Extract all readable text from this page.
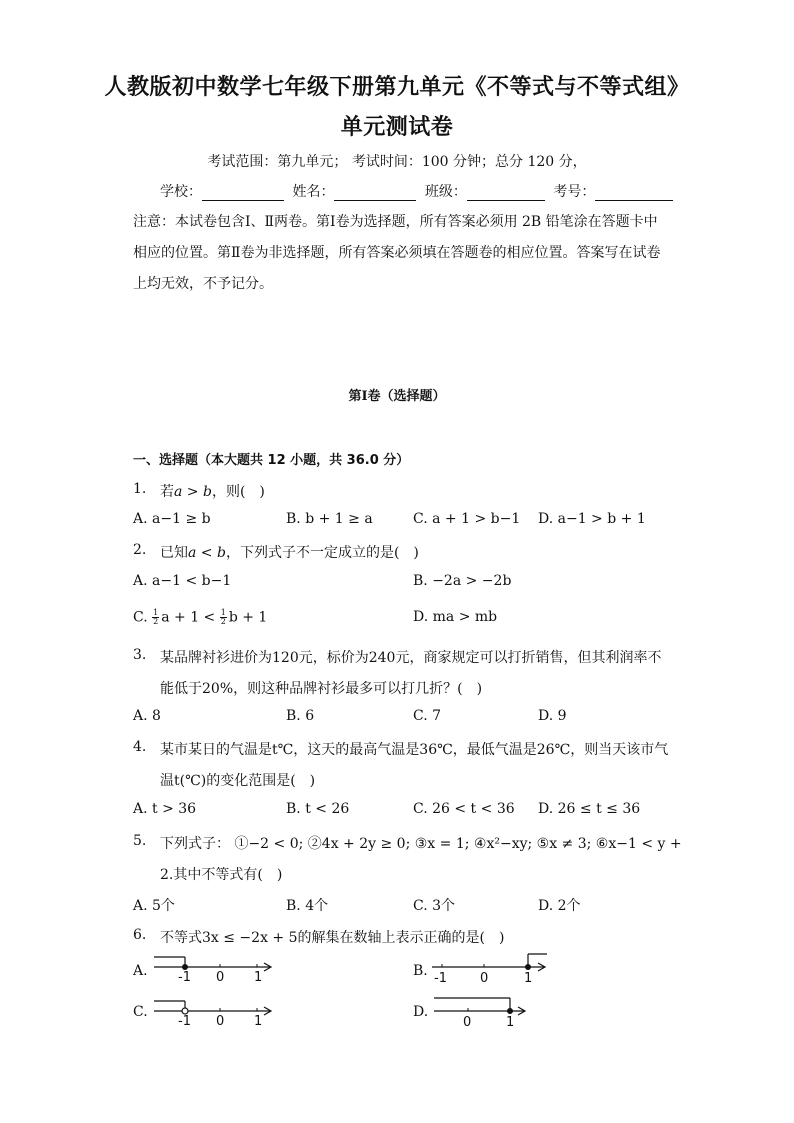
人教版初中数学七年级下册第九单元《不等式与不等式组》
单元测试卷
考试范围：第九单元； 考试时间：100 分钟；总分 120 分，
学校：	姓名：	班级：	考号：
注意：本试卷包含Ⅰ、Ⅱ两卷。第Ⅰ卷为选择题，所有答案必须用 2B 铅笔涂在答题卡中相应的位置。第Ⅱ卷为非选择题，所有答案必须填在答题卷的相应位置。答案写在试卷上均无效，不予记分。
第Ⅰ卷（选择题）
一、选择题（本大题共 12 小题，共 36.0 分）
1. 若a > b，则(　)
A. a−1 ≥ b	B. b + 1 ≥ a	C. a + 1 > b−1 D. a−1 > b + 1
2. 已知a < b，下列式子不一定成立的是(　)
A. a−1 < b−1	B. −2a > −2b
C. $\frac{1}{2}$ $a + 1 < \frac{1}{2}$ b + 1	D. ma > mb
3. 某品牌衬衫进价为120元，标价为240元，商家规定可以打折销售，但其利润率不
能低于20%，则这种品牌衬衫最多可以打几折？(　)
A. 8	B. 6	C. 7	D. 9
4. 某市某日的气温是t℃，这天的最高气温是36℃，最低气温是26℃，则当天该市气
温t(℃)的变化范围是(　)
A. t > 36	B. t < 26	C. 26 < t < 36 D. 26 ≤ t ≤ 36
5. 下列式子： ①−2 < 0; ②4x + 2y ≥ 0; ③x = 1; ④x²−xy; ⑤x ≠ 3; ⑥x−1 < y +
2.其中不等式有(　)
A. 5个	B. 4个	C. 3个	D. 2个
6. 不等式3x ≤ −2x + 5的解集在数轴上表示正确的是(　)
A. -1 0 1	B. -1	0	1
C.
-1 0 1
D.
0	1
